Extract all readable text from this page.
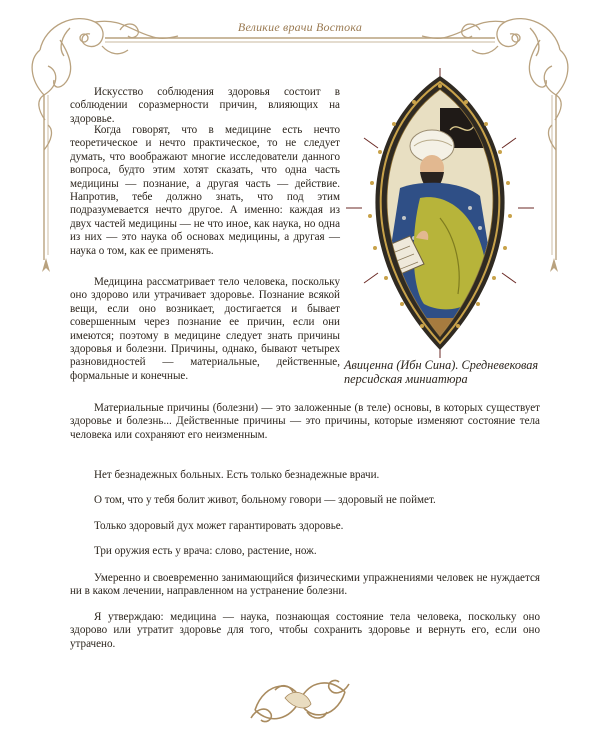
Великие врачи Востока

Искусство соблюдения здоровья состоит в соблюдении соразмерности причин, влияющих на здоровье.

Когда говорят, что в медицине есть нечто теоретическое и нечто практическое, то не следует думать, что воображают многие исследователи данного вопроса, будто этим хотят сказать, что одна часть медицины — познание, а другая часть — действие. Напротив, тебе должно знать, что под этим подразумевается нечто другое. А именно: каждая из двух частей медицины — не что иное, как наука, но одна из них — это наука об основах медицины, а другая — наука о том, как ее применять.

Медицина рассматривает тело человека, поскольку оно здорово или утрачивает здоровье. Познание всякой вещи, если оно возникает, достигается и бывает совершенным через познание ее причин, если они имеются; поэтому в медицине следует знать причины здоровья и болезни. Причины, однако, бывают четырех разновидностей — материальные, действенные, формальные и конечные.

Материальные причины (болезни) — это заложенные (в теле) основы, в которых существует здоровье и болезнь... Действенные причины — это причины, которые изменяют состояние тела человека или сохраняют его неизменным.

Нет безнадежных больных. Есть только безнадежные врачи.

О том, что у тебя болит живот, больному говори — здоровый не поймет.

Только здоровый дух может гарантировать здоровье.

Три оружия есть у врача: слово, растение, нож.

Умеренно и своевременно занимающийся физическими упражнениями человек не нуждается ни в каком лечении, направленном на устранение болезни.

Я утверждаю: медицина — наука, познающая состояние тела человека, поскольку оно здорово или утратит здоровье для того, чтобы сохранить здоровье и вернуть его, если оно утрачено.

Авиценна (Ибн Сина). Средневековая персидская миниатюра
